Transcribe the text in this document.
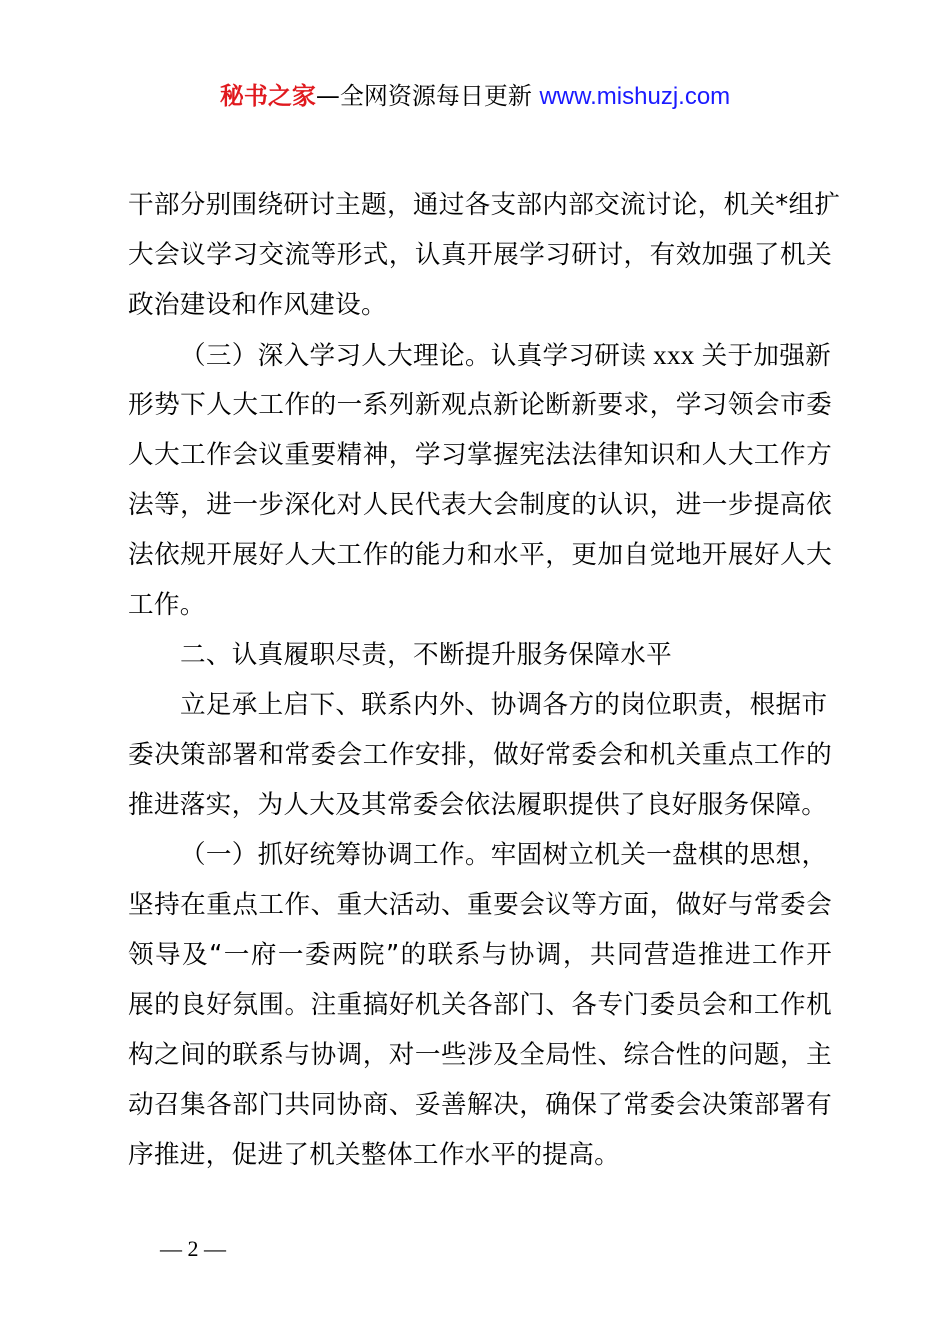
秘书之家—全网资源每日更新 www.mishuzj.com
干部分别围绕研讨主题，通过各支部内部交流讨论，机关*组扩
大会议学习交流等形式，认真开展学习研讨，有效加强了机关
政治建设和作风建设。
（三）深入学习人大理论。认真学习研读 xxx 关于加强新
形势下人大工作的一系列新观点新论断新要求，学习领会市委
人大工作会议重要精神，学习掌握宪法法律知识和人大工作方
法等，进一步深化对人民代表大会制度的认识，进一步提高依
法依规开展好人大工作的能力和水平，更加自觉地开展好人大
工作。
二、认真履职尽责，不断提升服务保障水平
立足承上启下、联系内外、协调各方的岗位职责，根据市
委决策部署和常委会工作安排，做好常委会和机关重点工作的
推进落实，为人大及其常委会依法履职提供了良好服务保障。
（一）抓好统筹协调工作。牢固树立机关一盘棋的思想，
坚持在重点工作、重大活动、重要会议等方面，做好与常委会
领导及“一府一委两院”的联系与协调，共同营造推进工作开
展的良好氛围。注重搞好机关各部门、各专门委员会和工作机
构之间的联系与协调，对一些涉及全局性、综合性的问题，主
动召集各部门共同协商、妥善解决，确保了常委会决策部署有
序推进，促进了机关整体工作水平的提高。
— 2 —
